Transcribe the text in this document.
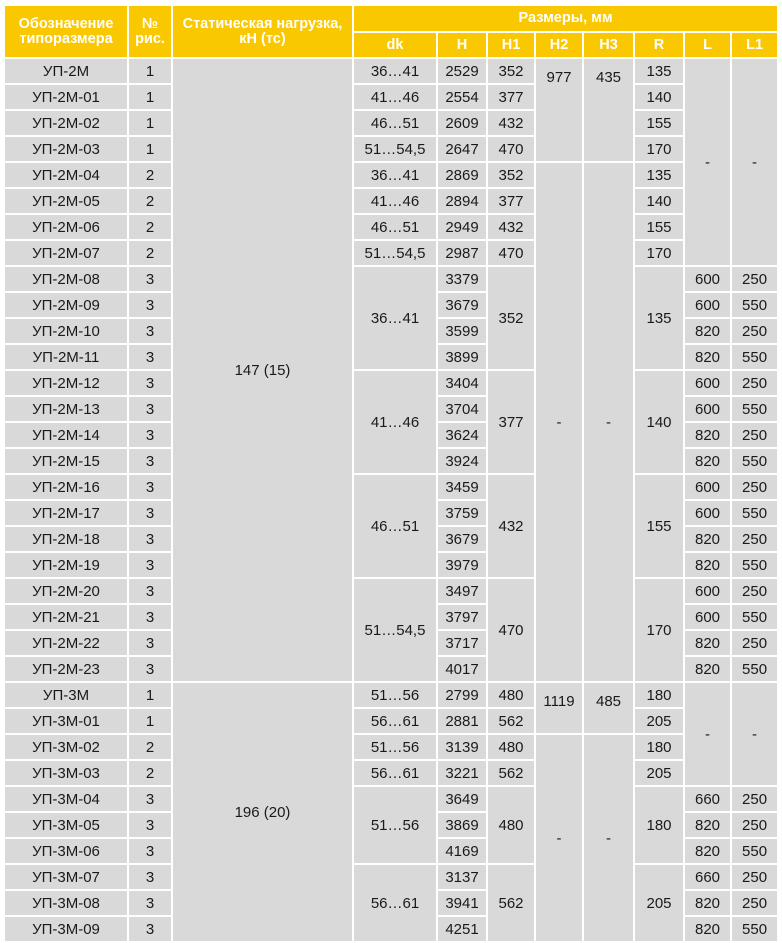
Обозначение типоразмера	№ рис.	Статическая нагрузка, кН (тс)	Размеры, мм							
			dk	H	H1	H2	H3	R	L	L1
УП-2М	1	147 (15)	36…41	2529	352	977	435	135	-	-
УП-2М-01	1		41…46	2554	377			140		
УП-2М-02	1		46…51	2609	432			155		
УП-2М-03	1		51…54,5	2647	470			170		
УП-2М-04	2		36…41	2869	352	-	-	135		
УП-2М-05	2		41…46	2894	377			140		
УП-2М-06	2		46…51	2949	432			155		
УП-2М-07	2		51…54,5	2987	470			170		
УП-2М-08	3		36…41	3379	352			135	600	250
УП-2М-09	3			3679					600	550
УП-2М-10	3			3599					820	250
УП-2М-11	3			3899					820	550
УП-2М-12	3		41…46	3404	377			140	600	250
УП-2М-13	3			3704					600	550
УП-2М-14	3			3624					820	250
УП-2М-15	3			3924					820	550
УП-2М-16	3		46…51	3459	432			155	600	250
УП-2М-17	3			3759					600	550
УП-2М-18	3			3679					820	250
УП-2М-19	3			3979					820	550
УП-2М-20	3		51…54,5	3497	470			170	600	250
УП-2М-21	3			3797					600	550
УП-2М-22	3			3717					820	250
УП-2М-23	3			4017					820	550
УП-3М	1	196 (20)	51…56	2799	480	1119	485	180	-	-
УП-3М-01	1		56…61	2881	562			205		
УП-3М-02	2		51…56	3139	480	-	-	180		
УП-3М-03	2		56…61	3221	562			205		
УП-3М-04	3		51…56	3649	480			180	660	250
УП-3М-05	3			3869					820	250
УП-3М-06	3			4169					820	550
УП-3М-07	3		56…61	3137	562			205	660	250
УП-3М-08	3			3941					820	250
УП-3М-09	3			4251					820	550
